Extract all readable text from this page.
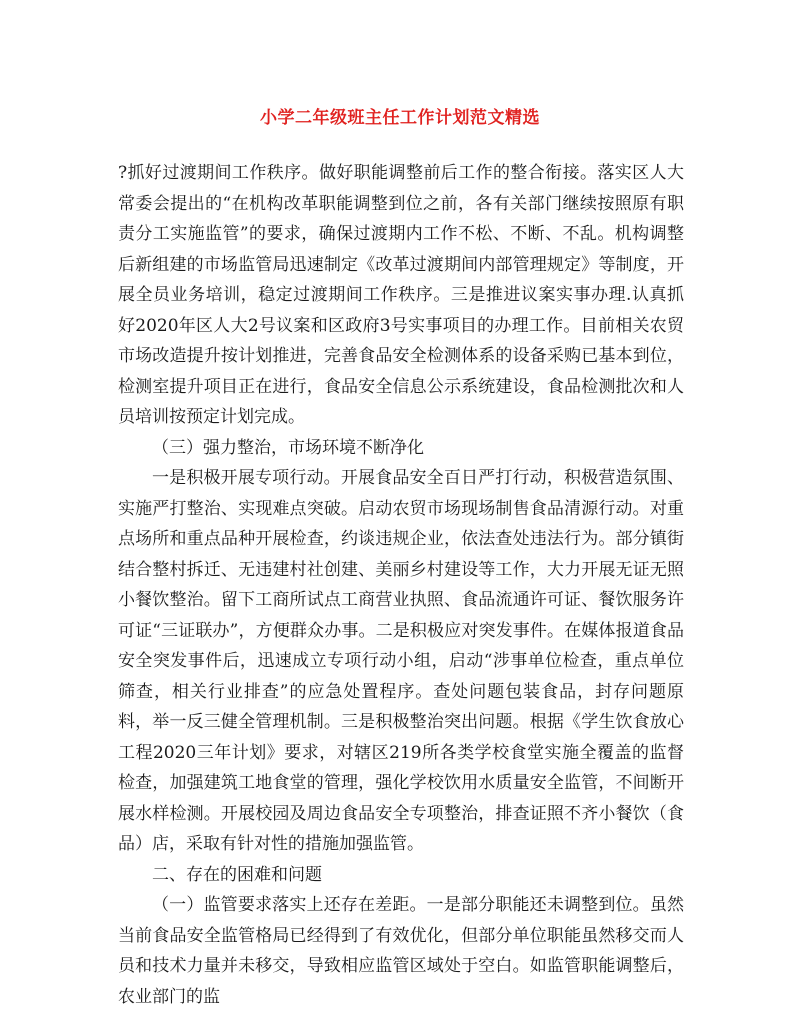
小学二年级班主任工作计划范文精选

?抓好过渡期间工作秩序。做好职能调整前后工作的整合衔接。落实区人大常委会提出的“在机构改革职能调整到位之前，各有关部门继续按照原有职责分工实施监管”的要求，确保过渡期内工作不松、不断、不乱。机构调整后新组建的市场监管局迅速制定《改革过渡期间内部管理规定》等制度，开展全员业务培训，稳定过渡期间工作秩序。三是推进议案实事办理.认真抓好2020年区人大2号议案和区政府3号实事项目的办理工作。目前相关农贸市场改造提升按计划推进，完善食品安全检测体系的设备采购已基本到位，检测室提升项目正在进行，食品安全信息公示系统建设，食品检测批次和人员培训按预定计划完成。

（三）强力整治，市场环境不断净化

一是积极开展专项行动。开展食品安全百日严打行动，积极营造氛围、实施严打整治、实现难点突破。启动农贸市场现场制售食品清源行动。对重点场所和重点品种开展检查，约谈违规企业，依法查处违法行为。部分镇街结合整村拆迁、无违建村社创建、美丽乡村建设等工作，大力开展无证无照小餐饮整治。留下工商所试点工商营业执照、食品流通许可证、餐饮服务许可证“三证联办”，方便群众办事。二是积极应对突发事件。在媒体报道食品安全突发事件后，迅速成立专项行动小组，启动“涉事单位检查，重点单位筛查，相关行业排查”的应急处置程序。查处问题包装食品，封存问题原料，举一反三健全管理机制。三是积极整治突出问题。根据《学生饮食放心工程2020三年计划》要求，对辖区219所各类学校食堂实施全覆盖的监督检查，加强建筑工地食堂的管理，强化学校饮用水质量安全监管，不间断开展水样检测。开展校园及周边食品安全专项整治，排查证照不齐小餐饮（食品）店，采取有针对性的措施加强监管。

二、存在的困难和问题

（一）监管要求落实上还存在差距。一是部分职能还未调整到位。虽然当前食品安全监管格局已经得到了有效优化，但部分单位职能虽然移交而人员和技术力量并未移交，导致相应监管区域处于空白。如监管职能调整后，农业部门的监
